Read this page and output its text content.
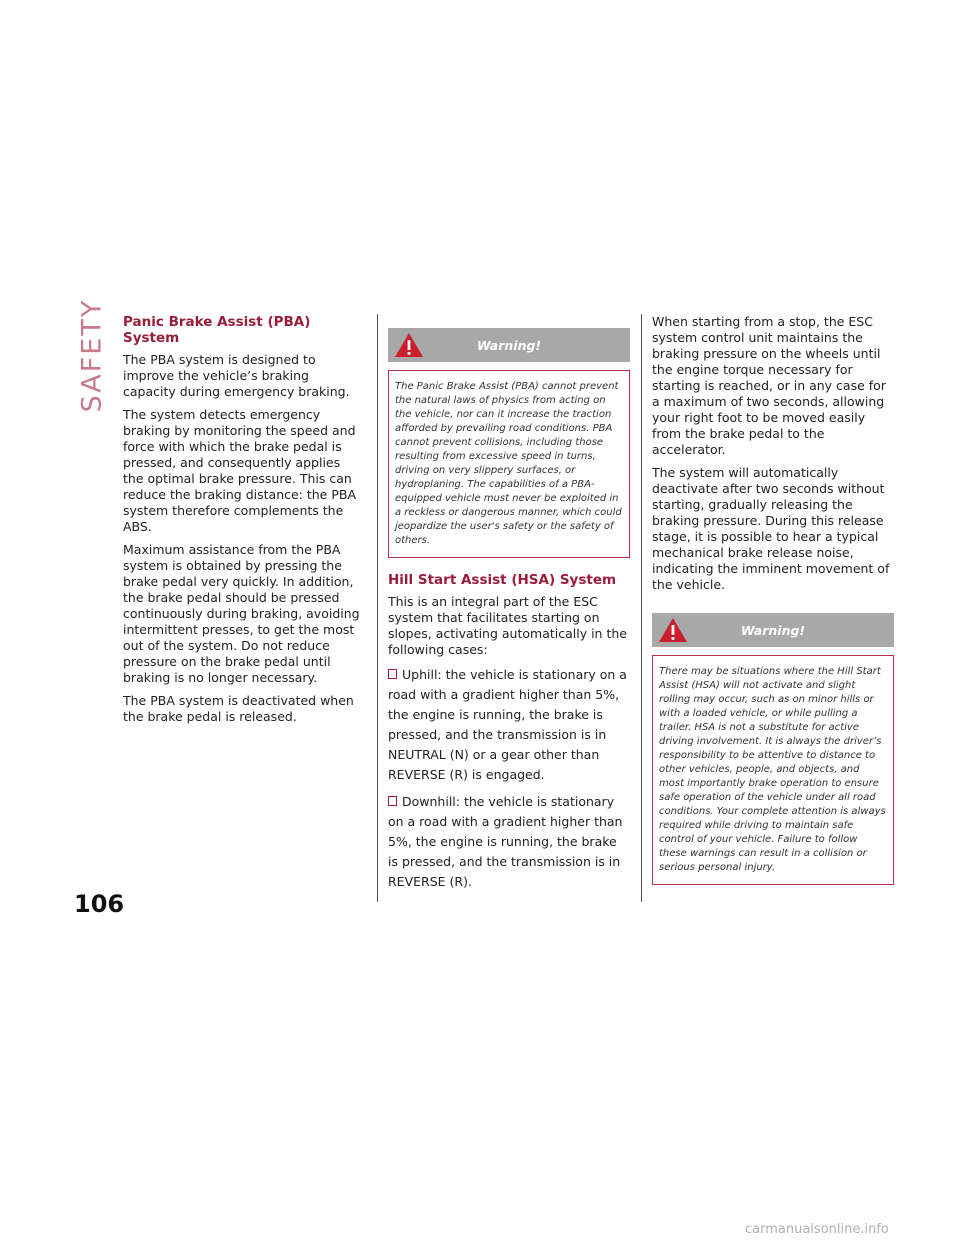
SAFETY Panic Brake Assist (PBA) System

The PBA system is designed to improve the vehicle’s braking capacity during emergency braking.

The system detects emergency braking by monitoring the speed and force with which the brake pedal is pressed, and consequently applies the optimal brake pressure. This can reduce the braking distance: the PBA system therefore complements the ABS.

Maximum assistance from the PBA system is obtained by pressing the brake pedal very quickly. In addition, the brake pedal should be pressed continuously during braking, avoiding intermittent presses, to get the most out of the system. Do not reduce pressure on the brake pedal until braking is no longer necessary.

The PBA system is deactivated when the brake pedal is released.

Warning!

The Panic Brake Assist (PBA) cannot prevent the natural laws of physics from acting on the vehicle, nor can it increase the traction afforded by prevailing road conditions. PBA cannot prevent collisions, including those resulting from excessive speed in turns, driving on very slippery surfaces, or hydroplaning. The capabilities of a PBA-equipped vehicle must never be exploited in a reckless or dangerous manner, which could jeopardize the user's safety or the safety of others.

Hill Start Assist (HSA) System

This is an integral part of the ESC system that facilitates starting on slopes, activating automatically in the following cases:

Uphill: the vehicle is stationary on a road with a gradient higher than 5%, the engine is running, the brake is pressed, and the transmission is in NEUTRAL (N) or a gear other than REVERSE (R) is engaged.
Downhill: the vehicle is stationary on a road with a gradient higher than 5%, the engine is running, the brake is pressed, and the transmission is in REVERSE (R).

When starting from a stop, the ESC system control unit maintains the braking pressure on the wheels until the engine torque necessary for starting is reached, or in any case for a maximum of two seconds, allowing your right foot to be moved easily from the brake pedal to the accelerator.

The system will automatically deactivate after two seconds without starting, gradually releasing the braking pressure. During this release stage, it is possible to hear a typical mechanical brake release noise, indicating the imminent movement of the vehicle.

Warning!

There may be situations where the Hill Start Assist (HSA) will not activate and slight rolling may occur, such as on minor hills or with a loaded vehicle, or while pulling a trailer. HSA is not a substitute for active driving involvement. It is always the driver’s responsibility to be attentive to distance to other vehicles, people, and objects, and most importantly brake operation to ensure safe operation of the vehicle under all road conditions. Your complete attention is always required while driving to maintain safe control of your vehicle. Failure to follow these warnings can result in a collision or serious personal injury.

106
carmanualsonline.info
